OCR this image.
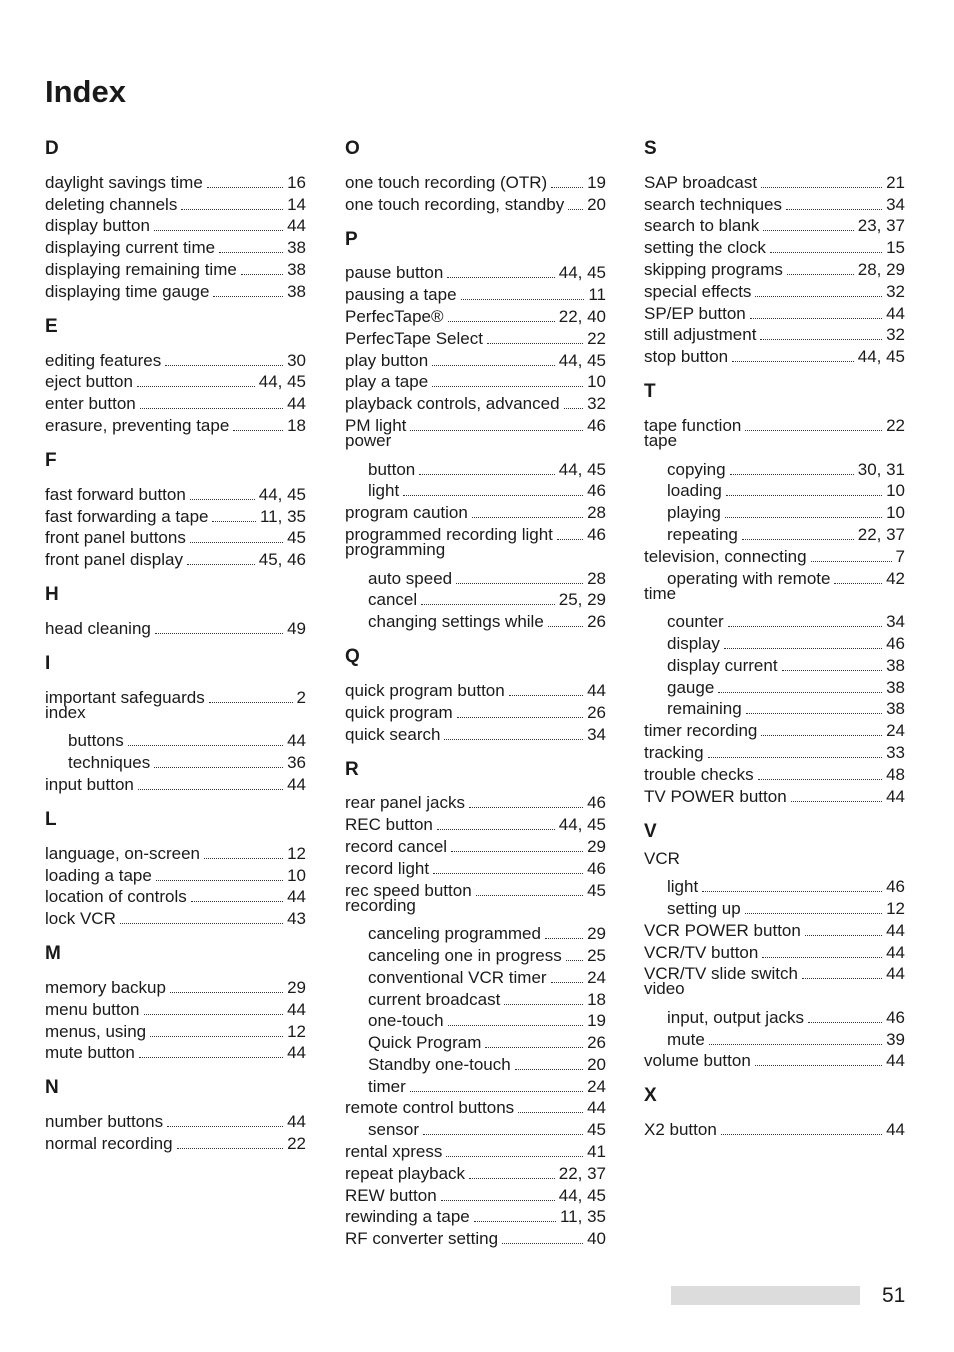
Index
D
daylight savings time	16
deleting channels	14
display button	44
displaying current time	38
displaying remaining time	38
displaying time gauge	38
E
editing features	30
eject button	44, 45
enter button	44
erasure, preventing tape	18
F
fast forward button	44, 45
fast forwarding a tape	11, 35
front panel buttons	45
front panel display	45, 46
H
head cleaning	49
I
important safeguards	2
index
buttons	44
techniques	36
input button	44
L
language, on-screen	12
loading a tape	10
location of controls	44
lock VCR	43
M
memory backup	29
menu button	44
menus, using	12
mute button	44
N
number buttons	44
normal recording	22
O
one touch recording (OTR) 19
one touch recording, standby 20
P
pause button	44, 45
pausing a tape	11
PerfecTape®	22, 40
PerfecTape Select	22
play button	44, 45
play a tape	10
playback controls, advanced 32
PM light	46
power
button	44, 45
light	46
program caution	28
programmed recording light 46
programming
auto speed	28
cancel	25, 29
changing settings while	26
Q
quick program button	44
quick program	26
quick search	34
R
rear panel jacks	46
REC button	44, 45
record cancel	29
record light	46
rec speed button	45
recording
canceling programmed	29
canceling one in progress 25
conventional VCR timer 24
current broadcast	18
one-touch	19
Quick Program	26
Standby one-touch	20
timer	24
remote control buttons	44
sensor	45
rental xpress	41
repeat playback	22, 37
REW button	44, 45
rewinding a tape	11, 35
RF converter setting	40
S
SAP broadcast	21
search techniques	34
search to blank	23, 37
setting the clock	15
skipping programs	28, 29
special effects	32
SP/EP button	44
still adjustment	32
stop button	44, 45
T
tape function	22
tape
copying	30, 31
loading	10
playing	10
repeating	22, 37
television, connecting	7
operating with remote	42
time
counter	34
display	46
display current	38
gauge	38
remaining	38
timer recording	24
tracking	33
trouble checks	48
TV POWER button	44
V
VCR
light	46
setting up	12
VCR POWER button	44
VCR/TV button	44
VCR/TV slide switch	44
video
input, output jacks	46
mute	39
volume button	44
X
X2 button	44
51
